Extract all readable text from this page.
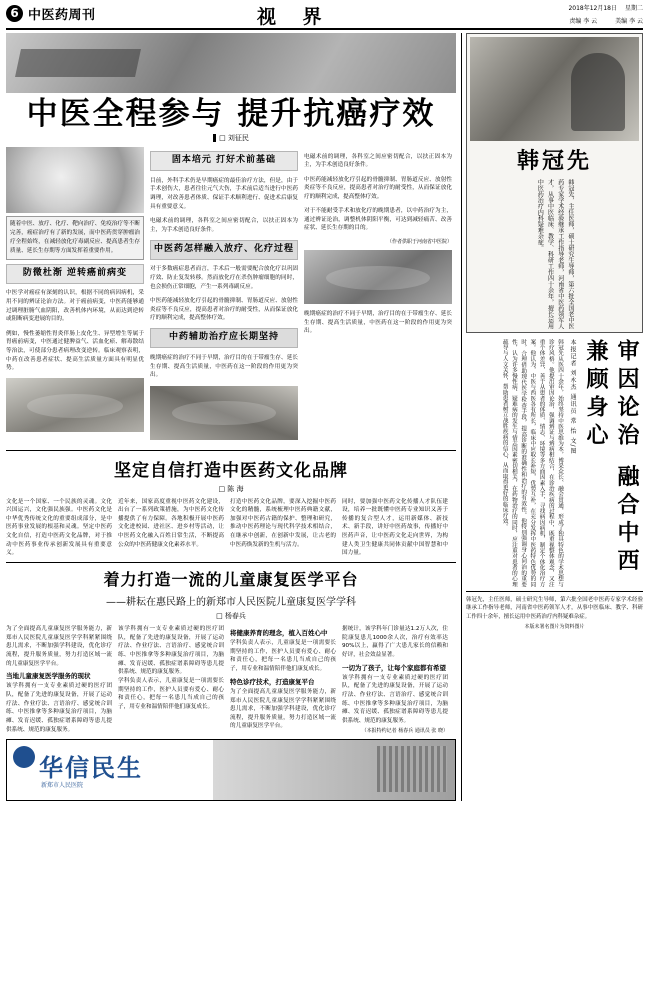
6 中医药周刊	视 界	2018年12月18日 星期二
责编 李 云	美编 李 云
中医全程参与 提升抗癌疗效
□ 刘征民
随着中医、放疗、化疗、靶向治疗、免疫治疗等不断完善，癌症治疗有了新的发展，而中医药贯穿肿瘤治疗全程始终，在减轻放化疗毒副反应、提高患者生存质量、延长生存期等方面发挥着重要作用。
防微杜渐 逆转癌前病变

中医学对癌症有深刻的认识，根据不同的病因病机，采用不同的辨证论治方法。对于癌前病变，中医药能够通过调理脏腑气血阴阳，改善机体内环境，从而达到逆转或阻断病变进展的目的。

例如，慢性萎缩性胃炎伴肠上皮化生、异型增生等属于胃癌前病变，中医通过健脾益气、活血化瘀、解毒散结等治法，可使部分患者病理改变逆转。临床观察表明，中药在改善患者症状、提高生活质量方面具有明显优势。

固本培元 打好术前基础

目前，外科手术仍是早期癌症的最佳治疗方法，但是，由于手术创伤大，患者往往元气大伤，手术前后适当进行中医药调理，对改善患者体质、保证手术顺利进行、促进术后康复具有重要意义。

电磁术前的调理，各科室之间应密切配合，以扶正固本为主，为手术创造良好条件。

中医药怎样融入放疗、化疗过程

对于多数癌症患者而言，手术后一般需要配合放化疗以巩固疗效、防止复发转移。然而放化疗在杀伤肿瘤细胞的同时，也会损伤正常细胞，产生一系列毒副反应。

中医药能减轻放化疗引起的骨髓抑制、胃肠道反应、放射性炎症等不良反应，提高患者对治疗的耐受性，从而保证放化疗的顺利完成，提高整体疗效。

中药辅助治疗应长期坚持

晚期癌症的治疗不同于早期，治疗目的在于带瘤生存、延长生存期、提高生活质量，中医药在这一阶段的作用更为突出。

电磁术前的调理，各科室之间应密切配合，以扶正固本为主，为手术创造良好条件。

中医药能减轻放化疗引起的骨髓抑制、胃肠道反应、放射性炎症等不良反应，提高患者对治疗的耐受性，从而保证放化疗的顺利完成，提高整体疗效。

对于不能耐受手术和放化疗的晚期患者，以中药治疗为主，通过辨证论治，调整机体阴阳平衡，可达到减轻痛苦、改善症状、延长生存期的目的。

（作者供职于河南省中医院）

晚期癌症的治疗不同于早期，治疗目的在于带瘤生存、延长生存期、提高生活质量，中医药在这一阶段的作用更为突出。

坚定自信打造中医药文化品牌
□ 陈 海
文化是一个国家、一个民族的灵魂。文化兴国运兴，文化强民族强。中医药文化是中华优秀传统文化的重要组成部分，是中医药事业发展的根基和灵魂。坚定中医药文化自信，打造中医药文化品牌，对于推动中医药事业传承创新发展具有重要意义。
近年来，国家高度重视中医药文化建设，出台了一系列政策措施，为中医药文化传播提供了有力保障。各地积极开展中医药文化进校园、进社区、进乡村等活动，让中医药文化融入百姓日常生活，不断提高公众的中医药健康文化素养水平。
打造中医药文化品牌，要深入挖掘中医药文化的精髓，系统梳理中医药典籍文献，加强对中医药古籍的保护、整理和研究，推动中医药理论与现代科学技术相结合，在继承中创新，在创新中发展，让古老的中医药焕发新的生机与活力。
同时，要加强中医药文化传播人才队伍建设，培养一批既懂中医药专业知识又善于传播的复合型人才，运用新媒体、新技术、新手段，讲好中医药故事，传播好中医药声音，让中医药文化走向世界，为构建人类卫生健康共同体贡献中国智慧和中国力量。
着力打造一流的儿童康复医学平台
——耕耘在惠民路上的新郑市人民医院儿童康复医学学科
□ 杨春兵
为了全面提高儿童康复医学服务能力，新郑市人民医院儿童康复医学学科紧紧围绕患儿需求，不断加强学科建设，优化诊疗流程，提升服务质量，努力打造区域一流的儿童康复医学平台。
当地儿童康复医学服务的现状
该学科拥有一支专业素质过硬的医疗团队，配备了先进的康复设备，开展了运动疗法、作业疗法、言语治疗、感觉统合训练、中医推拿等多种康复治疗项目，为脑瘫、发育迟缓、孤独症谱系障碍等患儿提供系统、规范的康复服务。
该学科拥有一支专业素质过硬的医疗团队，配备了先进的康复设备，开展了运动疗法、作业疗法、言语治疗、感觉统合训练、中医推拿等多种康复治疗项目，为脑瘫、发育迟缓、孤独症谱系障碍等患儿提供系统、规范的康复服务。
学科负责人表示，儿童康复是一项需要长期坚持的工作，医护人员要有爱心、耐心和责任心，把每一名患儿当成自己的孩子，用专业和温情陪伴他们康复成长。
将健康养育的理念，植入百姓心中
学科负责人表示，儿童康复是一项需要长期坚持的工作，医护人员要有爱心、耐心和责任心，把每一名患儿当成自己的孩子，用专业和温情陪伴他们康复成长。
特色诊疗技术，打造康复平台
为了全面提高儿童康复医学服务能力，新郑市人民医院儿童康复医学学科紧紧围绕患儿需求，不断加强学科建设，优化诊疗流程，提升服务质量，努力打造区域一流的儿童康复医学平台。
据统计，该学科年门诊量达1.2万人次，住院康复患儿1000余人次，治疗有效率达90%以上，赢得了广大患儿家长的信赖和好评，社会效益显著。
一切为了孩子，让每个家庭都有希望
该学科拥有一支专业素质过硬的医疗团队，配备了先进的康复设备，开展了运动疗法、作业疗法、言语治疗、感觉统合训练、中医推拿等多种康复治疗项目，为脑瘫、发育迟缓、孤独症谱系障碍等患儿提供系统、规范的康复服务。
（本报特约记者 杨春兵 通讯员 张 晓）
华信民生
新郑市人民医院
韩冠先
韩冠先，主任医师，硕士研究生导师，第六批全国老中医药专家学术经验继承工作指导老师，河南省中医药领军人才，从事中医临床、教学、科研工作四十余年，擅长运用中医药治疗内科疑难杂症。
审因论治 融合中西 兼顾身心
本报记者 刘永杰 通讯员 常 怡 文/图
韩冠先从医四十余年，始终坚持中医思维为本，博采众长、融会贯通，形成了独具特色的学术思想与诊疗风格。他提出审因论治，强调辨证与辨病相结合，在诊治疾病的过程中，既重视整体观念，又注重个体差异，善于从患者的体质、情志、环境等多方面因素入手，寻找病因病机，制定个体化治疗方案。他认为，中医与西医各有所长，临床中应取长补短，优势互补，在充分发挥中医药特色优势的同时，合理借助现代医学检查手段，提高诊断的准确性和治疗的有效性。他特别强调身心同治的重要性，认为许多慢性病、疑难病的发生与情志因素密切相关，在药物治疗的同时，应注重对患者的心理疏导与人文关怀，帮助患者树立战胜疾病的信心，从而取得更好的临床疗效。
韩冠先，主任医师，硕士研究生导师，第六批全国老中医药专家学术经验继承工作指导老师，河南省中医药领军人才，从事中医临床、教学、科研工作四十余年，擅长运用中医药治疗内科疑难杂症。
本版未署名图片为资料图片
